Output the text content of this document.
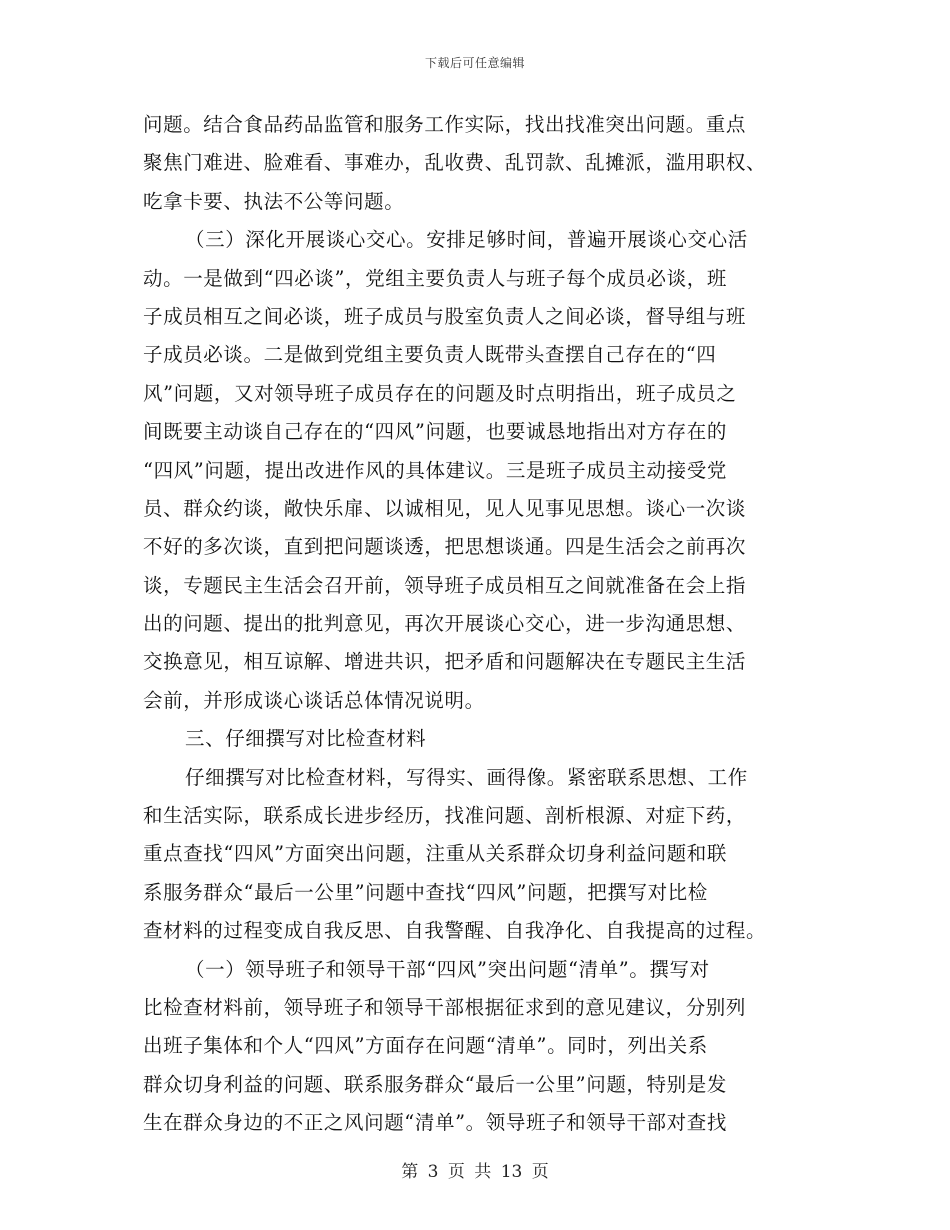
下载后可任意编辑
问题。结合食品药品监管和服务工作实际，找出找准突出问题。重点
聚焦门难进、脸难看、事难办，乱收费、乱罚款、乱摊派，滥用职权、
吃拿卡要、执法不公等问题。
（三）深化开展谈心交心。安排足够时间，普遍开展谈心交心活
动。一是做到“四必谈”，党组主要负责人与班子每个成员必谈，班
子成员相互之间必谈，班子成员与股室负责人之间必谈，督导组与班
子成员必谈。二是做到党组主要负责人既带头查摆自己存在的“四
风”问题，又对领导班子成员存在的问题及时点明指出，班子成员之
间既要主动谈自己存在的“四风”问题，也要诚恳地指出对方存在的
“四风”问题，提出改进作风的具体建议。三是班子成员主动接受党
员、群众约谈，敞快乐扉、以诚相见，见人见事见思想。谈心一次谈
不好的多次谈，直到把问题谈透，把思想谈通。四是生活会之前再次
谈，专题民主生活会召开前，领导班子成员相互之间就准备在会上指
出的问题、提出的批判意见，再次开展谈心交心，进一步沟通思想、
交换意见，相互谅解、增进共识，把矛盾和问题解决在专题民主生活
会前，并形成谈心谈话总体情况说明。
三、仔细撰写对比检查材料
仔细撰写对比检查材料，写得实、画得像。紧密联系思想、工作
和生活实际，联系成长进步经历，找准问题、剖析根源、对症下药，
重点查找“四风”方面突出问题，注重从关系群众切身利益问题和联
系服务群众“最后一公里”问题中查找“四风”问题，把撰写对比检
查材料的过程变成自我反思、自我警醒、自我净化、自我提高的过程。
（一）领导班子和领导干部“四风”突出问题“清单”。撰写对
比检查材料前，领导班子和领导干部根据征求到的意见建议，分别列
出班子集体和个人“四风”方面存在问题“清单”。同时，列出关系
群众切身利益的问题、联系服务群众“最后一公里”问题，特别是发
生在群众身边的不正之风问题“清单”。领导班子和领导干部对查找
第 3 页 共 13 页
